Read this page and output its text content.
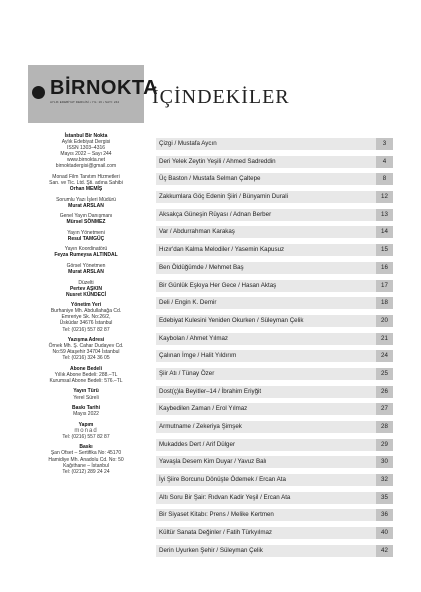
BİRNOKTA
AYLIK EDEBİYAT DERGİSİ • YIL: 16 • SAYI: 244
İstanbul Bir Nokta
Aylık Edebiyat Dergisi
ISSN 1303–4316
Mayıs 2022 – Sayı 244
www.birnokta.net
birnoktadergisi@gmail.com
Monad Film Tanıtım Hizmetleri
San. ve Tic. Ltd. Şti. adına Sahibi
Orhan MEMİŞ
Sorumlu Yazı İşleri Müdürü
Murat ARSLAN
Genel Yayın Danışmanı
Mürsel SÖNMEZ
Yayın Yönetmeni
Resul TAMGÜÇ
Yayın Koordinatörü
Feyza Rumeysa ALTINDAL
Görsel Yönetmen
Murat ARSLAN
Düzelti
Pertev AŞKIN
Nusret KÜNDECİ
Yönetim Yeri
Burhaniye Mh. Abdullahağa Cd.
Emreriye Sk. No:26/2,
Üsküdar 34676 İstanbul
Tel: (0216) 557 82 87
Yazışma Adresi
Örnek Mh. Ş. Cahar Dudayev Cd.
No:59 Ataşehir 34704 İstanbul
Tel: (0216) 324 36 05
Abone Bedeli
Yıllık Abone Bedeli: 288.–TL
Kurumsal Abone Bedeli: 576.–TL
Yayın Türü
Yerel Süreli
Baskı Tarihi
Mayıs 2022
Yapım
monad
Tel: (0216) 557 82 87
Baskı
Şan Ofset – Sertifika No: 45170
Hamidiye Mh. Anadolu Cd. No: 50
Kağıthane – İstanbul
Tel: (0212) 289 24 24
İÇİNDEKİLER
Çizgi / Mustafa Aycın	3
Deri Yelek Zeytin Yeşili / Ahmed Sadreddin	4
Üç Baston / Mustafa Selman Çaltepe	8
Zakkumlara Göç Edenin Şiiri / Bünyamin Durali	12
Aksakça Güneşin Rüyası / Adnan Berber	13
Var / Abdurrahman Karakaş	14
Hızır'dan Kalma Melodiler / Yasemin Kapusuz	15
Ben Öldüğümde / Mehmet Baş	16
Bir Günlük Eşkıya Her Gece / Hasan Aktaş	17
Deli / Engin K. Demir	18
Edebiyat Kulesini Yeniden Okurken / Süleyman Çelik	20
Kaybolan / Ahmet Yılmaz	21
Çalınan İmge / Halit Yıldırım	24
Şiir Atı / Tünay Özer	25
Dost(ç)la Beyitler–14 / İbrahim Eriyğit	26
Kaybedilen Zaman / Erol Yılmaz	27
Armutname / Zekeriya Şimşek	28
Mukaddes Dert / Arif Dülger	29
Yavaşla Desem Kim Duyar / Yavuz Balı	30
İyi Şiire Borcunu Dönüşte Ödemek / Ercan Ata	32
Altı Soru Bir Şair: Rıdvan Kadir Yeşil / Ercan Ata	35
Bir Siyaset Kitabı: Prens / Melike Kertmen	36
Kültür Sanata Değinler / Fatih Türkyılmaz	40
Derin Uyurken Şehir / Süleyman Çelik	42
